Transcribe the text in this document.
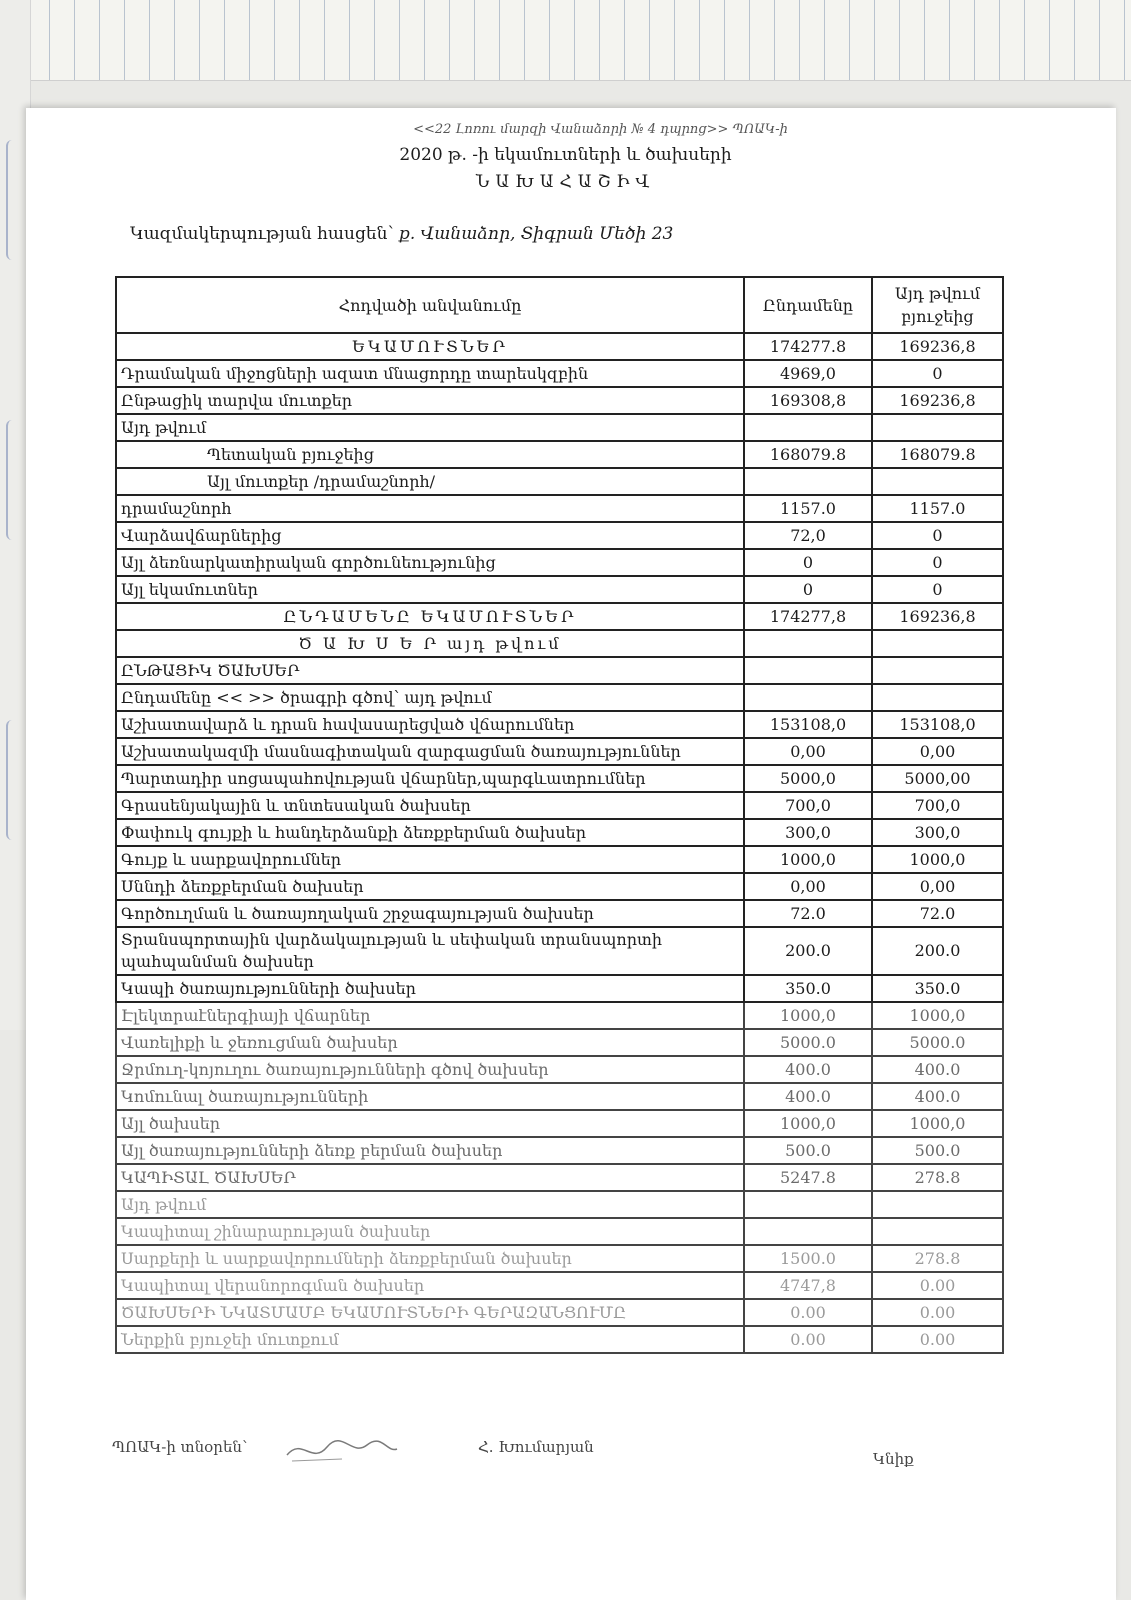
<<22 Լոռու մարզի Վանաձորի № 4 դպրոց>> ՊՈԱԿ-ի
2020 թ. -ի եկամուտների և ծախսերի
ՆԱԽԱՀԱՇԻՎ
Կազմակերպության հասցեն՝ ք. Վանաձոր, Տիգրան Մեծի 23
Հոդվածի անվանումը	Ընդամենը	Այդ թվում բյուջեից
ԵԿԱՄՈՒՏՆԵՐ	174277.8	169236,8
Դրամական միջոցների ազատ մնացորդը տարեսկզբին	4969,0	0
Ընթացիկ տարվա մուտքեր	169308,8	169236,8
Այդ թվում		
Պետական բյուջեից	168079.8	168079.8
Այլ մուտքեր /դրամաշնորհ/		
դրամաշնորհ	1157.0	1157.0
Վարձավճարներից	72,0	0
Այլ ձեռնարկատիրական գործունեությունից	0	0
Այլ եկամուտներ	0	0
ԸՆԴԱՄԵՆԸ ԵԿԱՄՈՒՏՆԵՐ	174277,8	169236,8
Ծ Ա Խ Ս Ե Ր այդ թվում		
ԸՆԹԱՑԻԿ ԾԱԽՍԵՐ		
Ընդամենը << >> ծրագրի գծով՝ այդ թվում		
Աշխատավարձ և դրան հավասարեցված վճարումներ	153108,0	153108,0
Աշխատակազմի մասնագիտական զարգացման ծառայություններ	0,00	0,00
Պարտադիր սոցապահովության վճարներ,պարգևատրումներ	5000,0	5000,00
Գրասենյակային և տնտեսական ծախսեր	700,0	700,0
Փափուկ գույքի և հանդերձանքի ձեռքբերման ծախսեր	300,0	300,0
Գույք և սարքավորումներ	1000,0	1000,0
Սննդի ձեռքբերման ծախսեր	0,00	0,00
Գործուղման և ծառայողական շրջագայության ծախսեր	72.0	72.0
Տրանսպորտային վարձակալության և սեփական տրանսպորտի պահպանման ծախսեր	200.0	200.0
Կապի ծառայությունների ծախսեր	350.0	350.0
Էլեկտրաէներգիայի վճարներ	1000,0	1000,0
Վառելիքի և ջեռուցման ծախսեր	5000.0	5000.0
Ջրմուղ-կոյուղու ծառայությունների գծով ծախսեր	400.0	400.0
Կոմունալ ծառայությունների	400.0	400.0
Այլ ծախսեր	1000,0	1000,0
Այլ ծառայությունների ձեռք բերման ծախսեր	500.0	500.0
ԿԱՊԻՏԱԼ ԾԱԽՍԵՐ	5247.8	278.8
Այդ թվում		
Կապիտալ շինարարության ծախսեր		
Սարքերի և սարքավորումների ձեռքբերման ծախսեր	1500.0	278.8
Կապիտալ վերանորոգման ծախսեր	4747,8	0.00
ԾԱԽՍԵՐԻ ՆԿԱՏՄԱՄԲ ԵԿԱՄՈՒՏՆԵՐԻ ԳԵՐԱԶԱՆՑՈՒՄԸ	0.00	0.00
Ներքին բյուջեի մուտքում	0.00	0.00
ՊՈԱԿ-ի տնօրեն՝	Հ. Խումարյան
Կնիք
